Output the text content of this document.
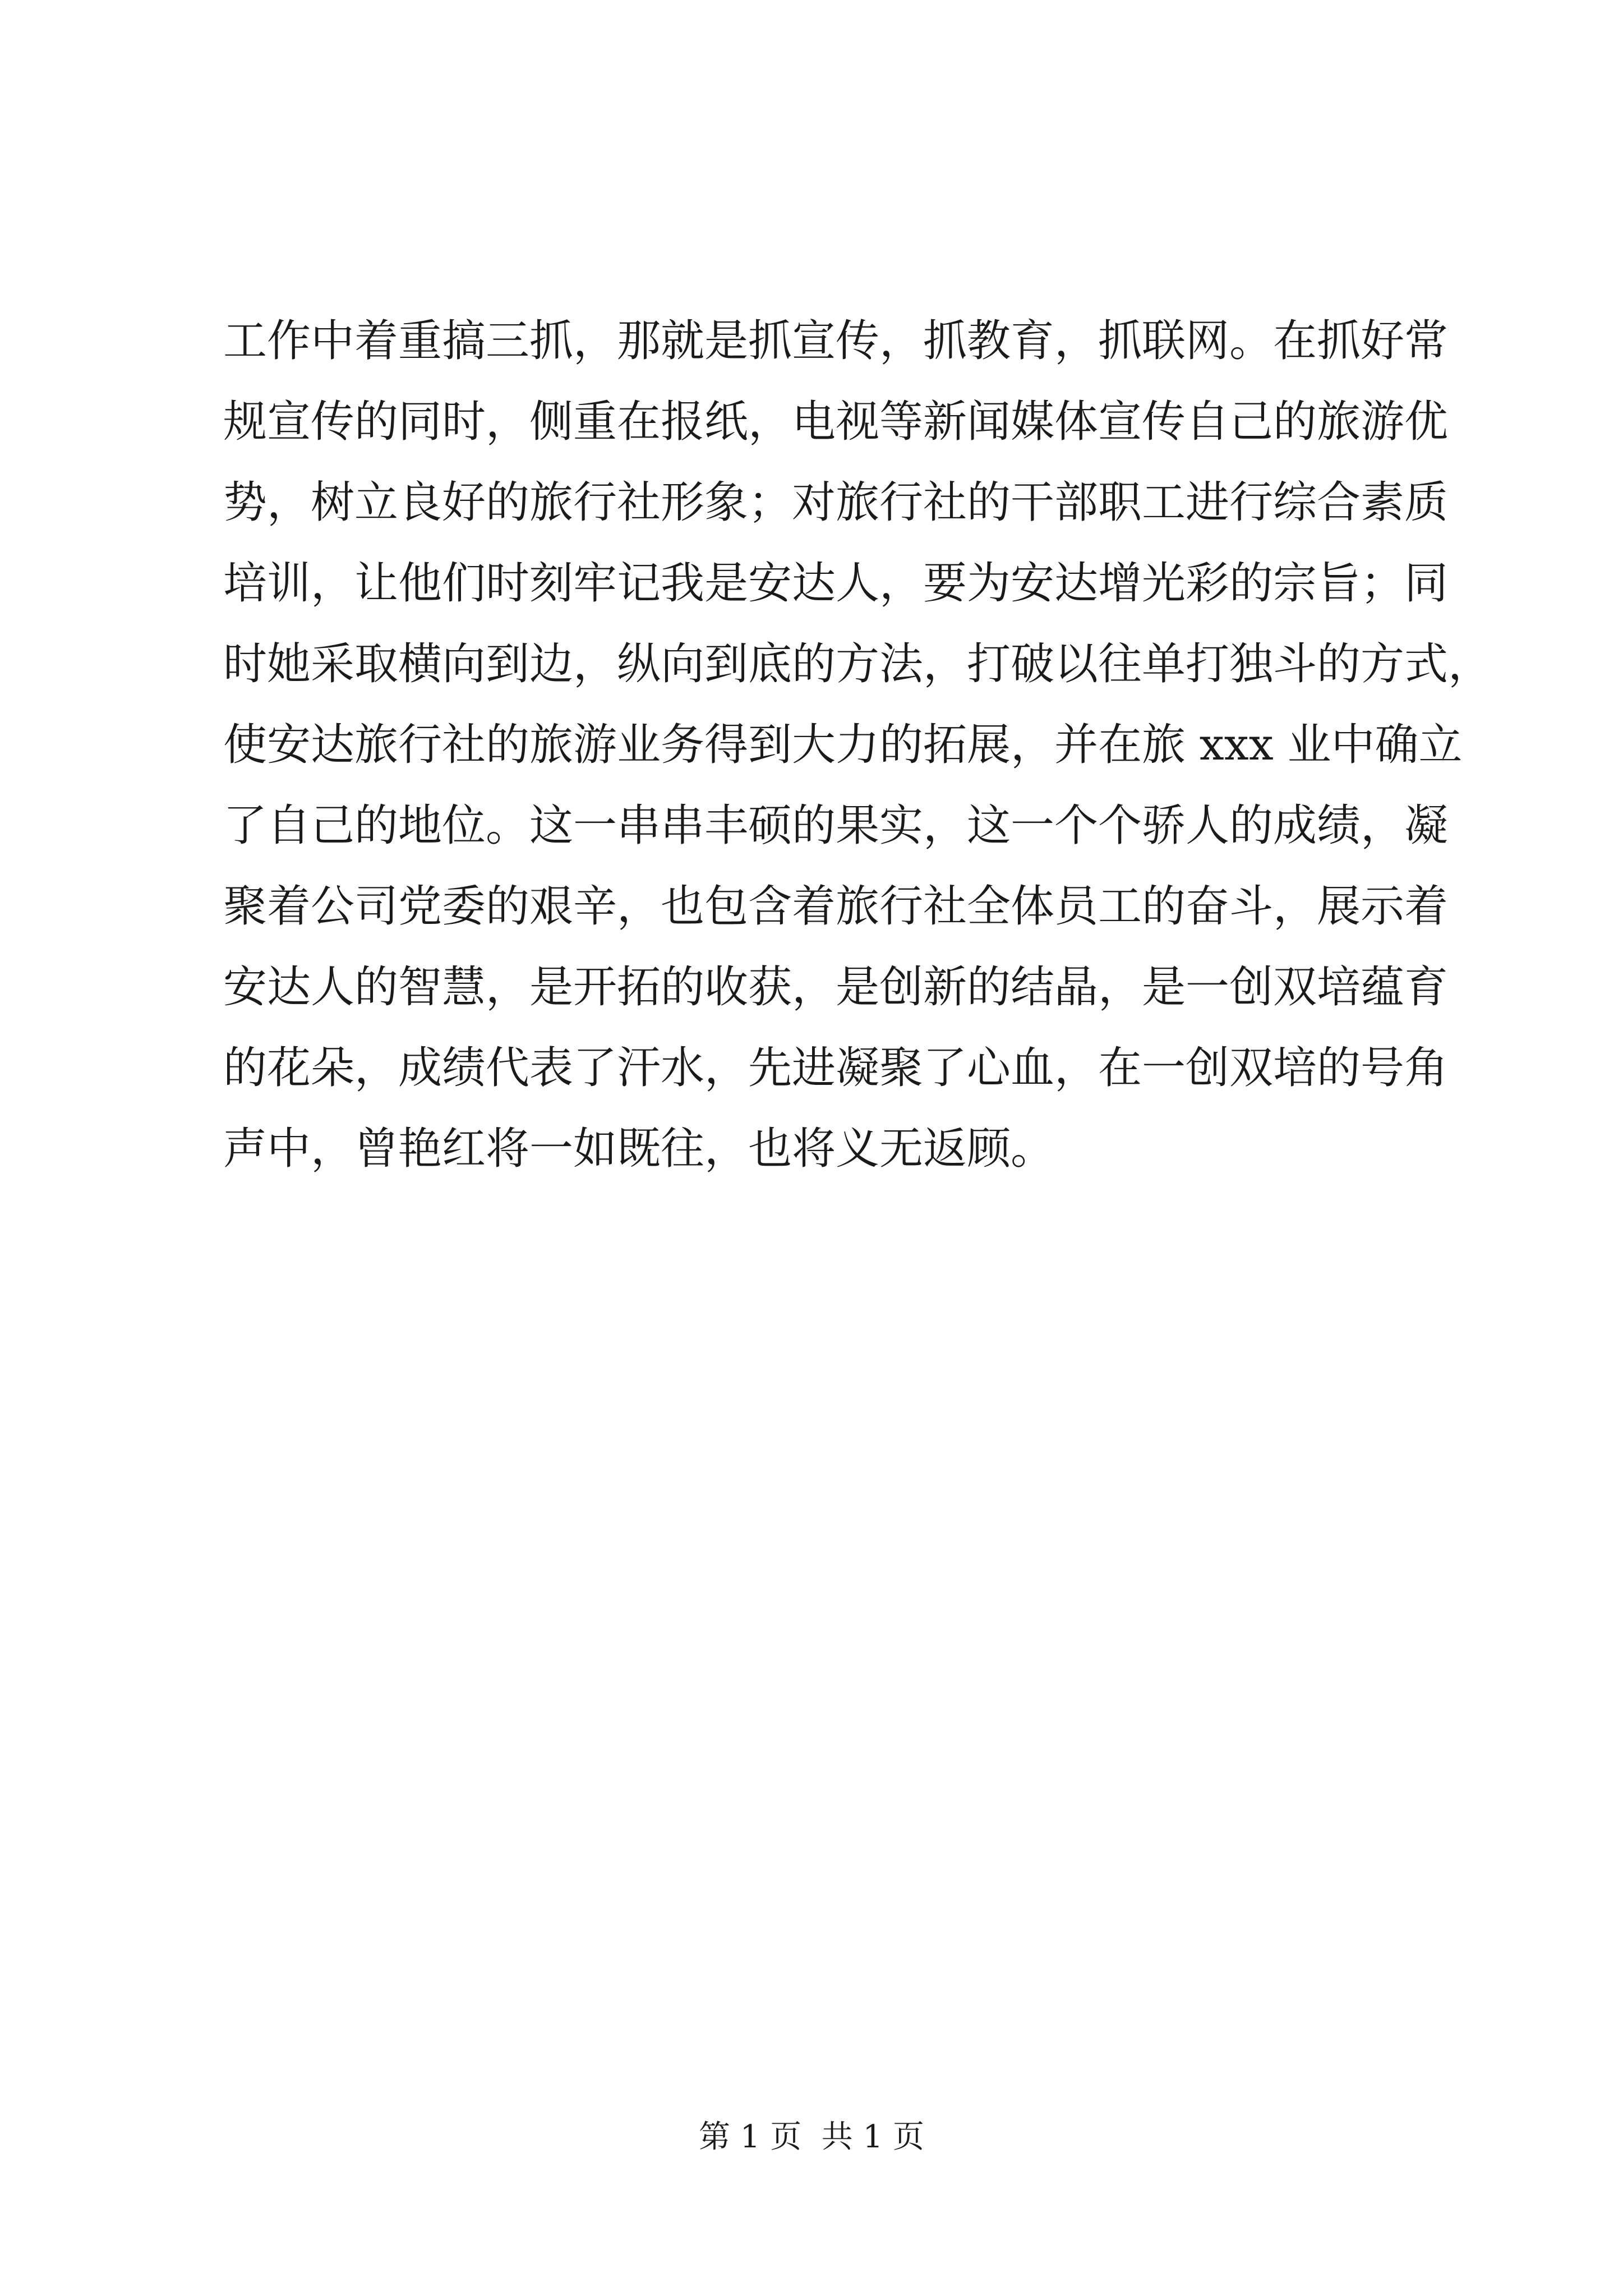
工作中着重搞三抓，那就是抓宣传，抓教育，抓联网。在抓好常
规宣传的同时，侧重在报纸，电视等新闻媒体宣传自己的旅游优
势，树立良好的旅行社形象；对旅行社的干部职工进行综合素质
培训，让他们时刻牢记我是安达人，要为安达增光彩的宗旨；同
时她采取横向到边，纵向到底的方法，打破以往单打独斗的方式，
使安达旅行社的旅游业务得到大力的拓展，并在旅 xxx 业中确立
了自己的地位。这一串串丰硕的果实，这一个个骄人的成绩，凝
聚着公司党委的艰辛，也包含着旅行社全体员工的奋斗，展示着
安达人的智慧，是开拓的收获，是创新的结晶，是一创双培蕴育
的花朵，成绩代表了汗水，先进凝聚了心血，在一创双培的号角
声中，曾艳红将一如既往，也将义无返顾。
第 1 页  共 1 页
